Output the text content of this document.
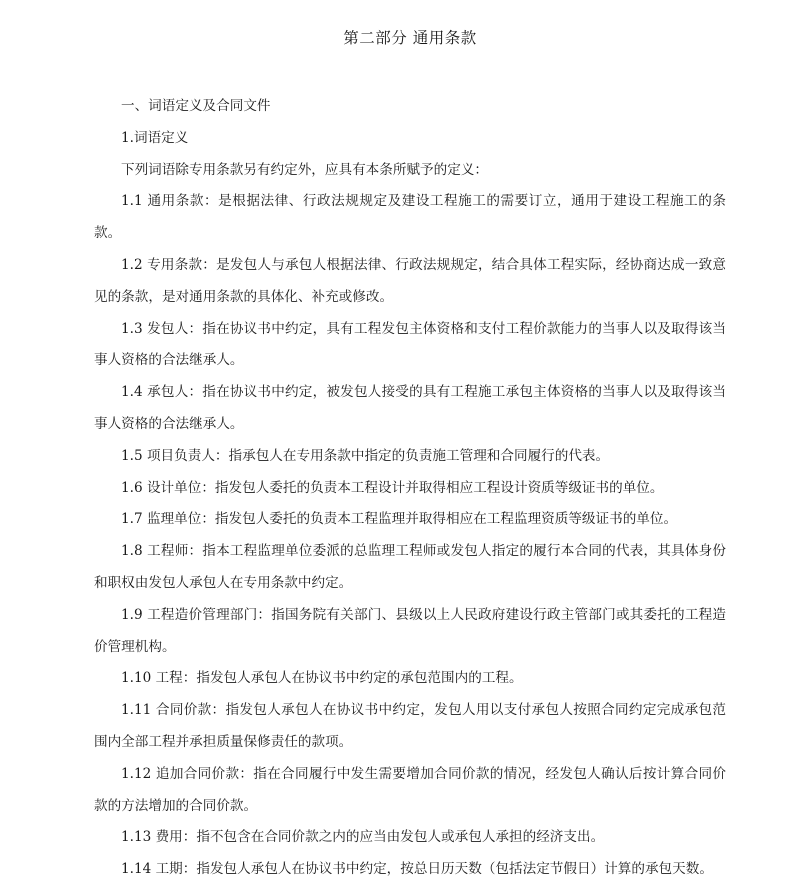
第二部分 通用条款

一、词语定义及合同文件

1.词语定义

下列词语除专用条款另有约定外，应具有本条所赋予的定义：

1.1 通用条款：是根据法律、行政法规规定及建设工程施工的需要订立，通用于建设工程施工的条款。

1.2 专用条款：是发包人与承包人根据法律、行政法规规定，结合具体工程实际，经协商达成一致意见的条款，是对通用条款的具体化、补充或修改。

1.3 发包人：指在协议书中约定，具有工程发包主体资格和支付工程价款能力的当事人以及取得该当事人资格的合法继承人。

1.4 承包人：指在协议书中约定，被发包人接受的具有工程施工承包主体资格的当事人以及取得该当事人资格的合法继承人。

1.5 项目负责人：指承包人在专用条款中指定的负责施工管理和合同履行的代表。

1.6 设计单位：指发包人委托的负责本工程设计并取得相应工程设计资质等级证书的单位。

1.7 监理单位：指发包人委托的负责本工程监理并取得相应在工程监理资质等级证书的单位。

1.8 工程师：指本工程监理单位委派的总监理工程师或发包人指定的履行本合同的代表，其具体身份和职权由发包人承包人在专用条款中约定。

1.9 工程造价管理部门：指国务院有关部门、县级以上人民政府建设行政主管部门或其委托的工程造价管理机构。

1.10 工程：指发包人承包人在协议书中约定的承包范围内的工程。

1.11 合同价款：指发包人承包人在协议书中约定，发包人用以支付承包人按照合同约定完成承包范围内全部工程并承担质量保修责任的款项。

1.12 追加合同价款：指在合同履行中发生需要增加合同价款的情况，经发包人确认后按计算合同价款的方法增加的合同价款。

1.13 费用：指不包含在合同价款之内的应当由发包人或承包人承担的经济支出。

1.14 工期：指发包人承包人在协议书中约定，按总日历天数（包括法定节假日）计算的承包天数。
